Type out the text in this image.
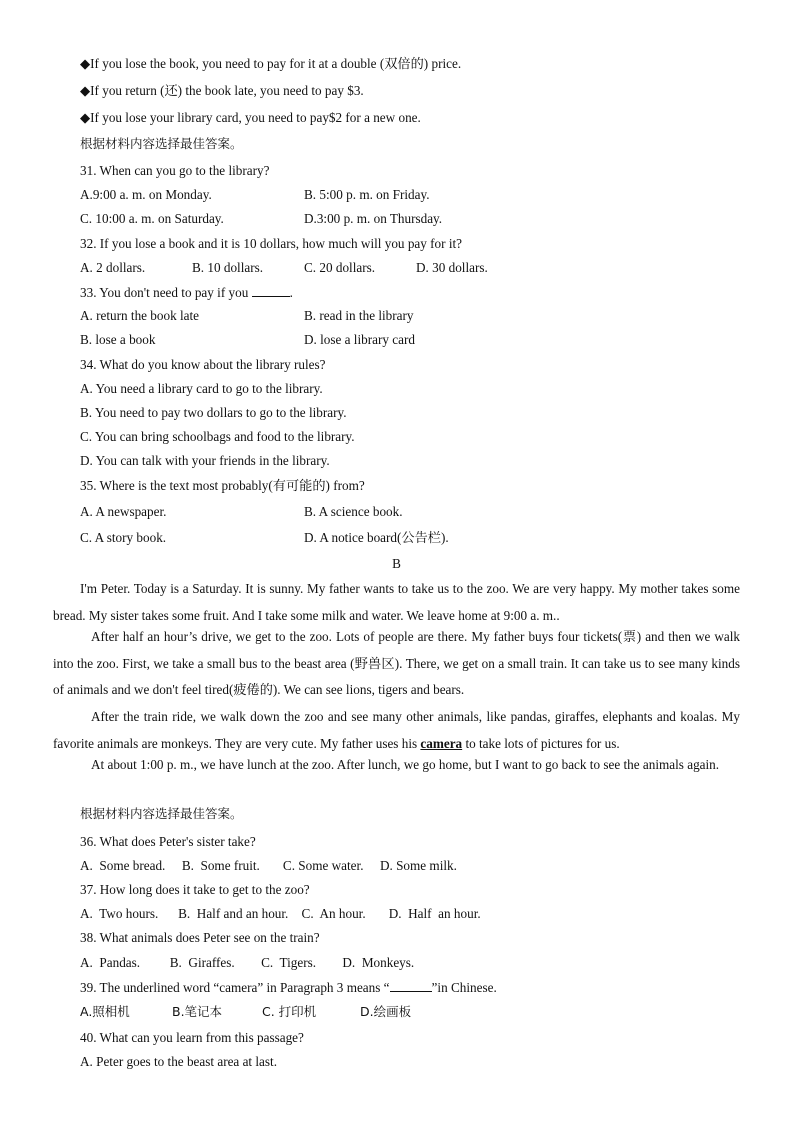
◆If you lose the book, you need to pay for it at a double (双倍的) price.
◆If you return (还) the book late, you need to pay $3.
◆If you lose your library card, you need to pay$2 for a new one.
根据材料内容选择最佳答案。
31. When can you go to the library?
A.9:00 a. m. on Monday.	B. 5:00 p. m. on Friday.
C. 10:00 a. m. on Saturday.	D.3:00 p. m. on Thursday.
32. If you lose a book and it is 10 dollars, how much will you pay for it?
A. 2 dollars.	B. 10 dollars.	C. 20 dollars.	D. 30 dollars.
33. You don't need to pay if you	.
A. return the book late	B. read in the library
B. lose a book	D. lose a library card
34. What do you know about the library rules?
A. You need a library card to go to the library.
B. You need to pay two dollars to go to the library.
C. You can bring schoolbags and food to the library.
D. You can talk with your friends in the library.
35. Where is the text most probably(有可能的) from?
A. A newspaper.	B. A science book.
C. A story book.	D. A notice board(公告栏).
B
I'm Peter. Today is a Saturday. It is sunny. My father wants to take us to the zoo. We are very happy. My mother takes some bread. My sister takes some fruit. And I take some milk and water. We leave home at 9:00 a. m..
After half an hour’s drive, we get to the zoo. Lots of people are there. My father buys four tickets(票) and then we walk into the zoo. First, we take a small bus to the beast area (野兽区). There, we get on a small train. It can take us to see many kinds of animals and we don't feel tired(疲倦的). We can see lions, tigers and bears.
After the train ride, we walk down the zoo and see many other animals, like pandas, giraffes, elephants and koalas. My favorite animals are monkeys. They are very cute. My father uses his camera to take lots of pictures for us.
At about 1:00 p. m., we have lunch at the zoo. After lunch, we go home, but I want to go back to see the animals again.
根据材料内容选择最佳答案。
36. What does Peter's sister take?
A.  Some bread.     B.  Some fruit.       C. Some water.     D. Some milk.
37. How long does it take to get to the zoo?
A.  Two hours.      B.  Half and an hour.    C.  An hour.       D.  Half  an hour.
38. What animals does Peter see on the train?
A.  Pandas.         B.  Giraffes.        C.  Tigers.        D.  Monkeys.
39. The underlined word “camera” in Paragraph 3 means “	”in Chinese.
A.照相机	B.笔记本	C. 打印机	D.绘画板
40. What can you learn from this passage?
A. Peter goes to the beast area at last.
